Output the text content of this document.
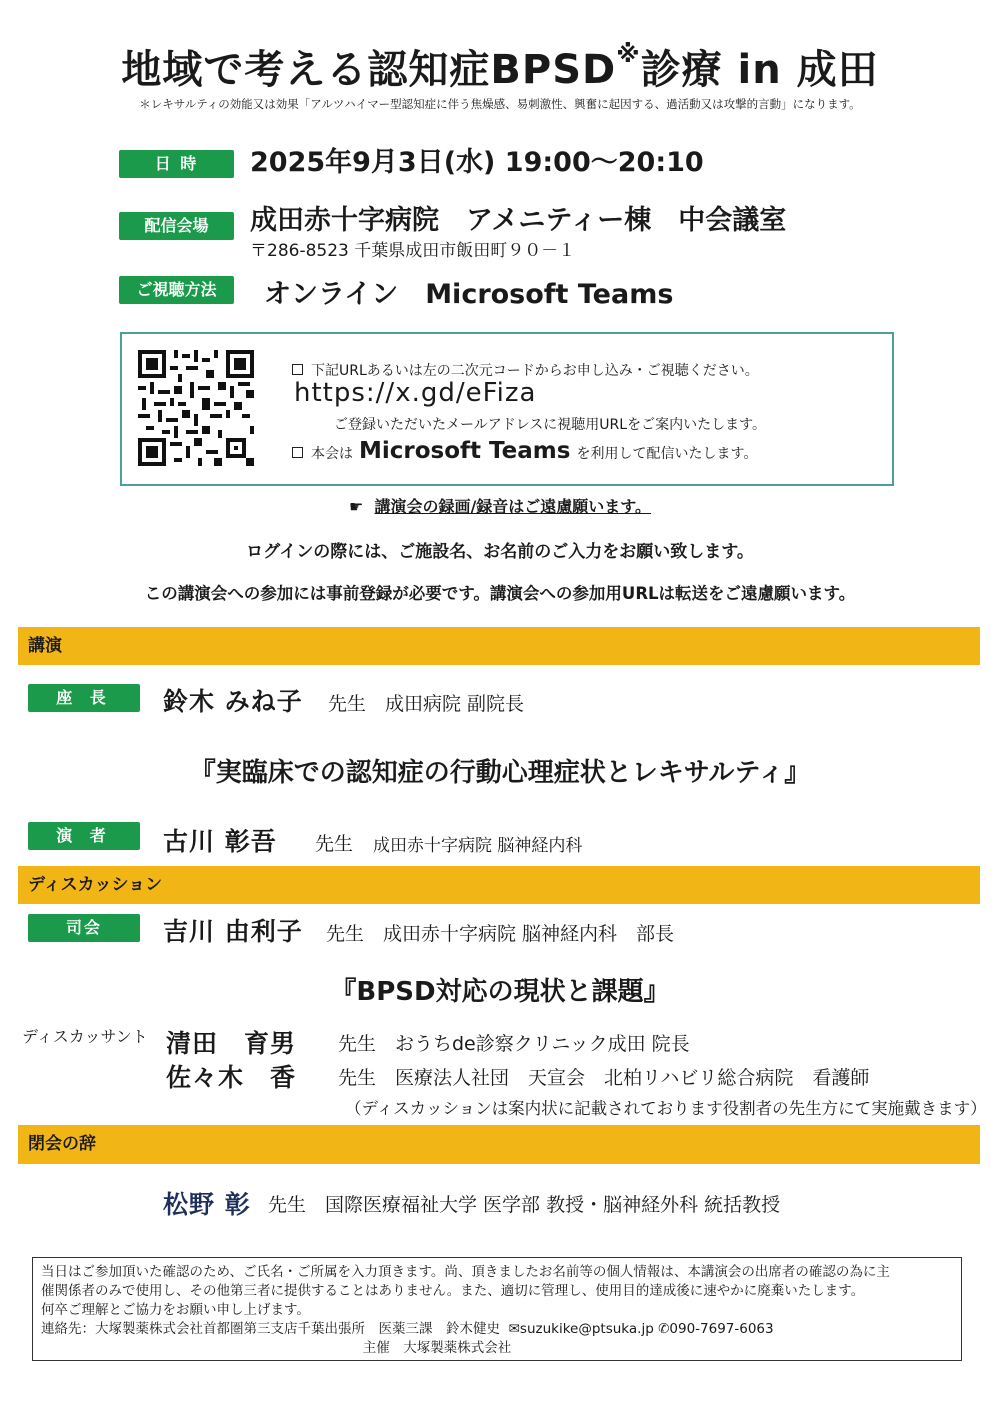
地域で考える認知症BPSD※診療 in 成田
＊レキサルティの効能又は効果「アルツハイマー型認知症に伴う焦燥感、易刺激性、興奮に起因する、過活動又は攻撃的言動」になります。
日 時	2025年9月3日(水) 19:00〜20:10
配信会場	成田赤十字病院　アメニティー棟　中会議室
〒286-8523 千葉県成田市飯田町９０－１
ご視聴方法	オンライン　Microsoft Teams
下記URLあるいは左の二次元コードからお申し込み・ご視聴ください。
https://x.gd/eFiza
ご登録いただいたメールアドレスに視聴用URLをご案内いたします。
本会は Microsoft Teams を利用して配信いたします。
☛ 講演会の録画/録音はご遠慮願います。
ログインの際には、ご施設名、お名前のご入力をお願い致します。
この講演会への参加には事前登録が必要です。講演会への参加用URLは転送をご遠慮願います。
講演
座 長	鈴木 みね子 先生　成田病院 副院長
『実臨床での認知症の行動心理症状とレキサルティ』
演 者	古川 彰吾 先生 成田赤十字病院 脳神経内科
ディスカッション
司会	吉川 由利子 先生　成田赤十字病院 脳神経内科　部長
『BPSD対応の現状と課題』
ディスカッサント 清田　育男 先生　おうちde診察クリニック成田 院長
佐々木　香 先生　医療法人社団　天宣会　北柏リハビリ総合病院　看護師
（ディスカッションは案内状に記載されております役割者の先生方にて実施戴きます）
閉会の辞
松野 彰 先生　国際医療福祉大学 医学部 教授・脳神経外科 統括教授
当日はご参加頂いた確認のため、ご氏名・ご所属を入力頂きます。尚、頂きましたお名前等の個人情報は、本講演会の出席者の確認の為に主
催関係者のみで使用し、その他第三者に提供することはありません。また、適切に管理し、使用目的達成後に速やかに廃棄いたします。
何卒ご理解とご協力をお願い申し上げます。
連絡先：大塚製薬株式会社首都圏第三支店千葉出張所　医薬三課　鈴木健史 ✉suzukike@ptsuka.jp ✆090-7697-6063
主催　大塚製薬株式会社
